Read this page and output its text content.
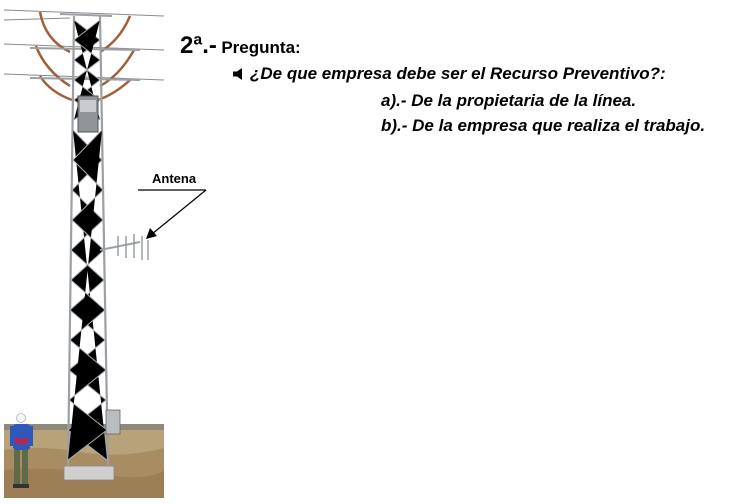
Antena
2ª.- Pregunta:
¿De que empresa debe ser el Recurso Preventivo?:
a).- De la propietaria de la línea.
b).- De la empresa que realiza el trabajo.
